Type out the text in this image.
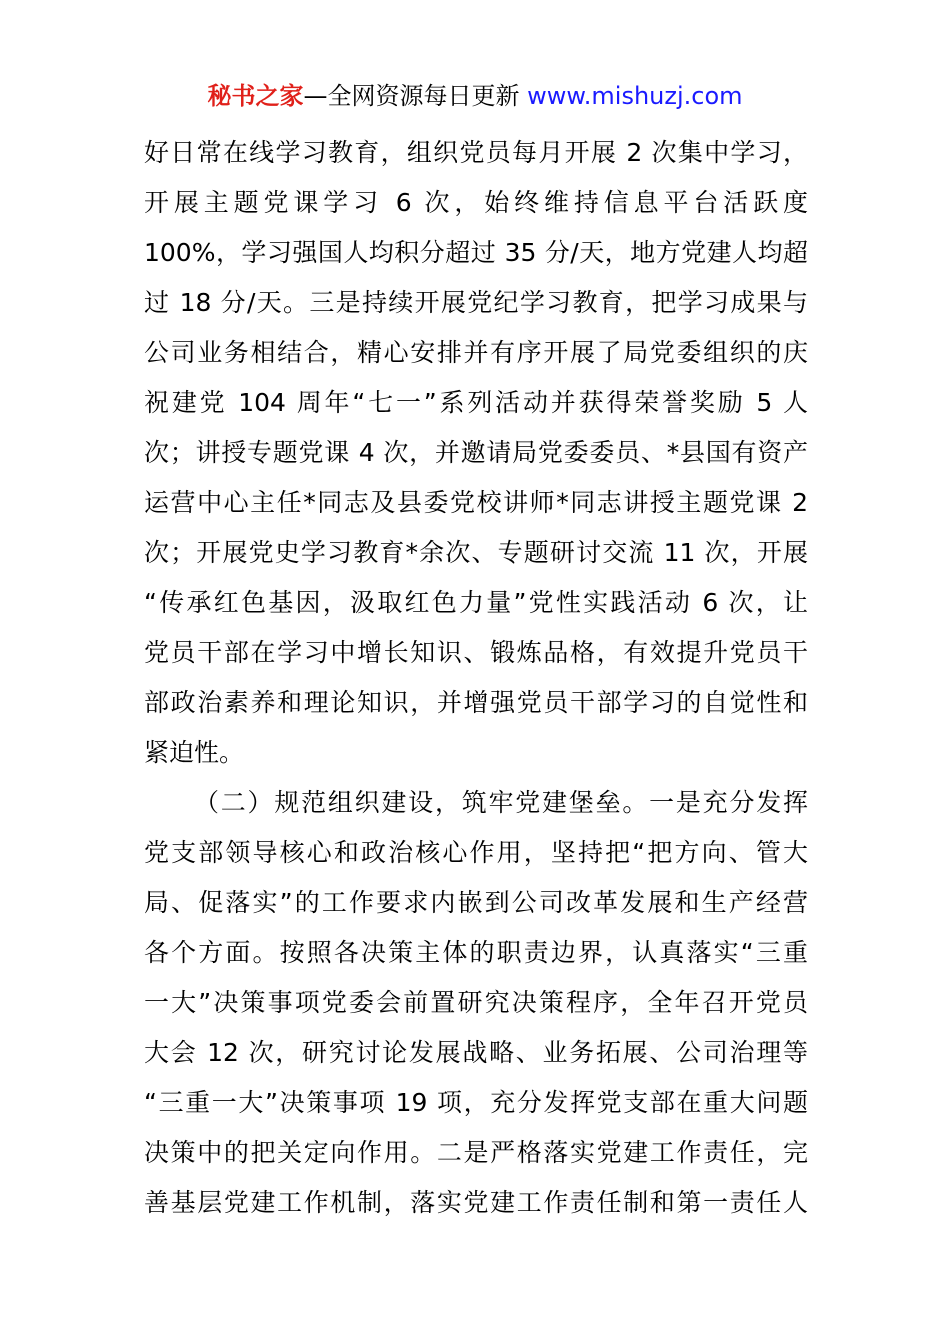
秘书之家—全网资源每日更新 www.mishuzj.com
好日常在线学习教育，组织党员每月开展 2 次集中学习，
开展主题党课学习 6 次，始终维持信息平台活跃度
100%，学习强国人均积分超过 35 分/天，地方党建人均超
过 18 分/天。三是持续开展党纪学习教育，把学习成果与
公司业务相结合，精心安排并有序开展了局党委组织的庆
祝建党 104 周年“七一”系列活动并获得荣誉奖励 5 人
次；讲授专题党课 4 次，并邀请局党委委员、*县国有资产
运营中心主任*同志及县委党校讲师*同志讲授主题党课 2
次；开展党史学习教育*余次、专题研讨交流 11 次，开展
“传承红色基因，汲取红色力量”党性实践活动 6 次，让
党员干部在学习中增长知识、锻炼品格，有效提升党员干
部政治素养和理论知识，并增强党员干部学习的自觉性和
紧迫性。
（二）规范组织建设，筑牢党建堡垒。一是充分发挥
党支部领导核心和政治核心作用，坚持把“把方向、管大
局、促落实”的工作要求内嵌到公司改革发展和生产经营
各个方面。按照各决策主体的职责边界，认真落实“三重
一大”决策事项党委会前置研究决策程序，全年召开党员
大会 12 次，研究讨论发展战略、业务拓展、公司治理等
“三重一大”决策事项 19 项，充分发挥党支部在重大问题
决策中的把关定向作用。二是严格落实党建工作责任，完
善基层党建工作机制，落实党建工作责任制和第一责任人
